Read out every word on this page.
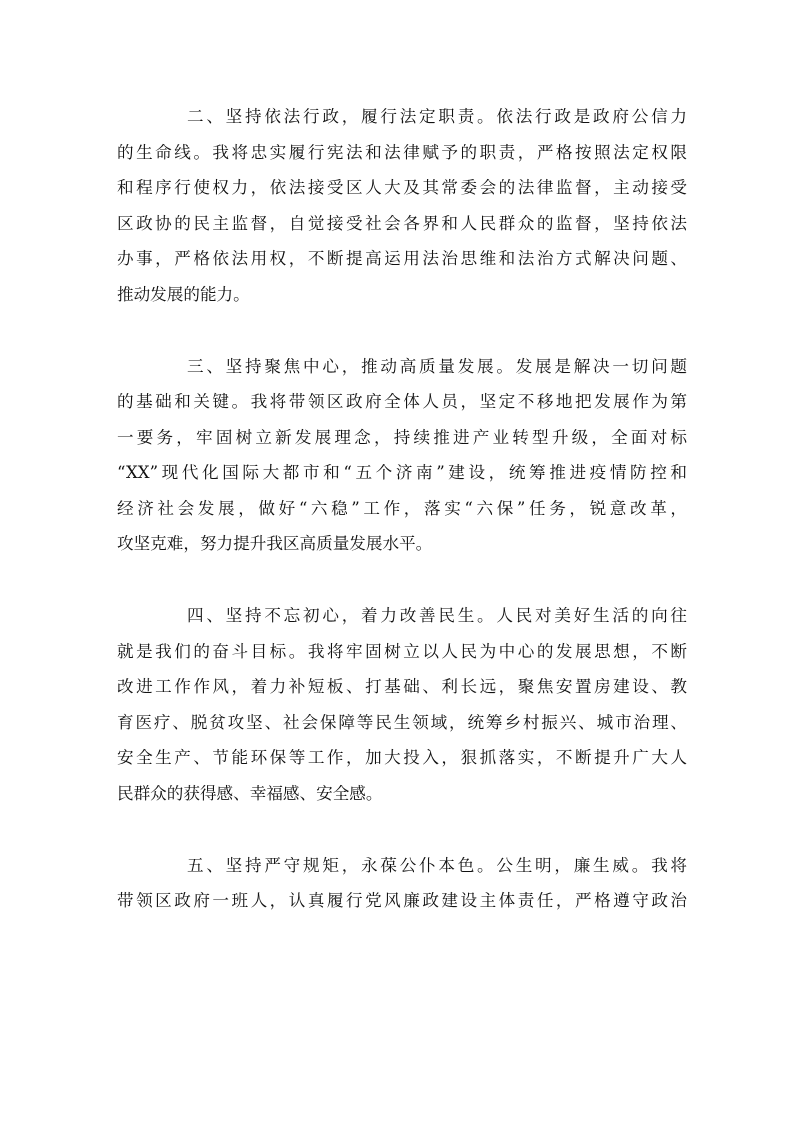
二、坚持依法行政，履行法定职责。依法行政是政府公信力
的生命线。我将忠实履行宪法和法律赋予的职责，严格按照法定权限
和程序行使权力，依法接受区人大及其常委会的法律监督，主动接受
区政协的民主监督，自觉接受社会各界和人民群众的监督，坚持依法
办事，严格依法用权，不断提高运用法治思维和法治方式解决问题、
推动发展的能力。

三、坚持聚焦中心，推动高质量发展。发展是解决一切问题
的基础和关键。我将带领区政府全体人员，坚定不移地把发展作为第
一要务，牢固树立新发展理念，持续推进产业转型升级，全面对标
“XX”现代化国际大都市和“五个济南”建设，统筹推进疫情防控和
经济社会发展，做好“六稳”工作，落实“六保”任务，锐意改革，
攻坚克难，努力提升我区高质量发展水平。

四、坚持不忘初心，着力改善民生。人民对美好生活的向往
就是我们的奋斗目标。我将牢固树立以人民为中心的发展思想，不断
改进工作作风，着力补短板、打基础、利长远，聚焦安置房建设、教
育医疗、脱贫攻坚、社会保障等民生领域，统筹乡村振兴、城市治理、
安全生产、节能环保等工作，加大投入，狠抓落实，不断提升广大人
民群众的获得感、幸福感、安全感。

五、坚持严守规矩，永葆公仆本色。公生明，廉生威。我将
带领区政府一班人，认真履行党风廉政建设主体责任，严格遵守政治
